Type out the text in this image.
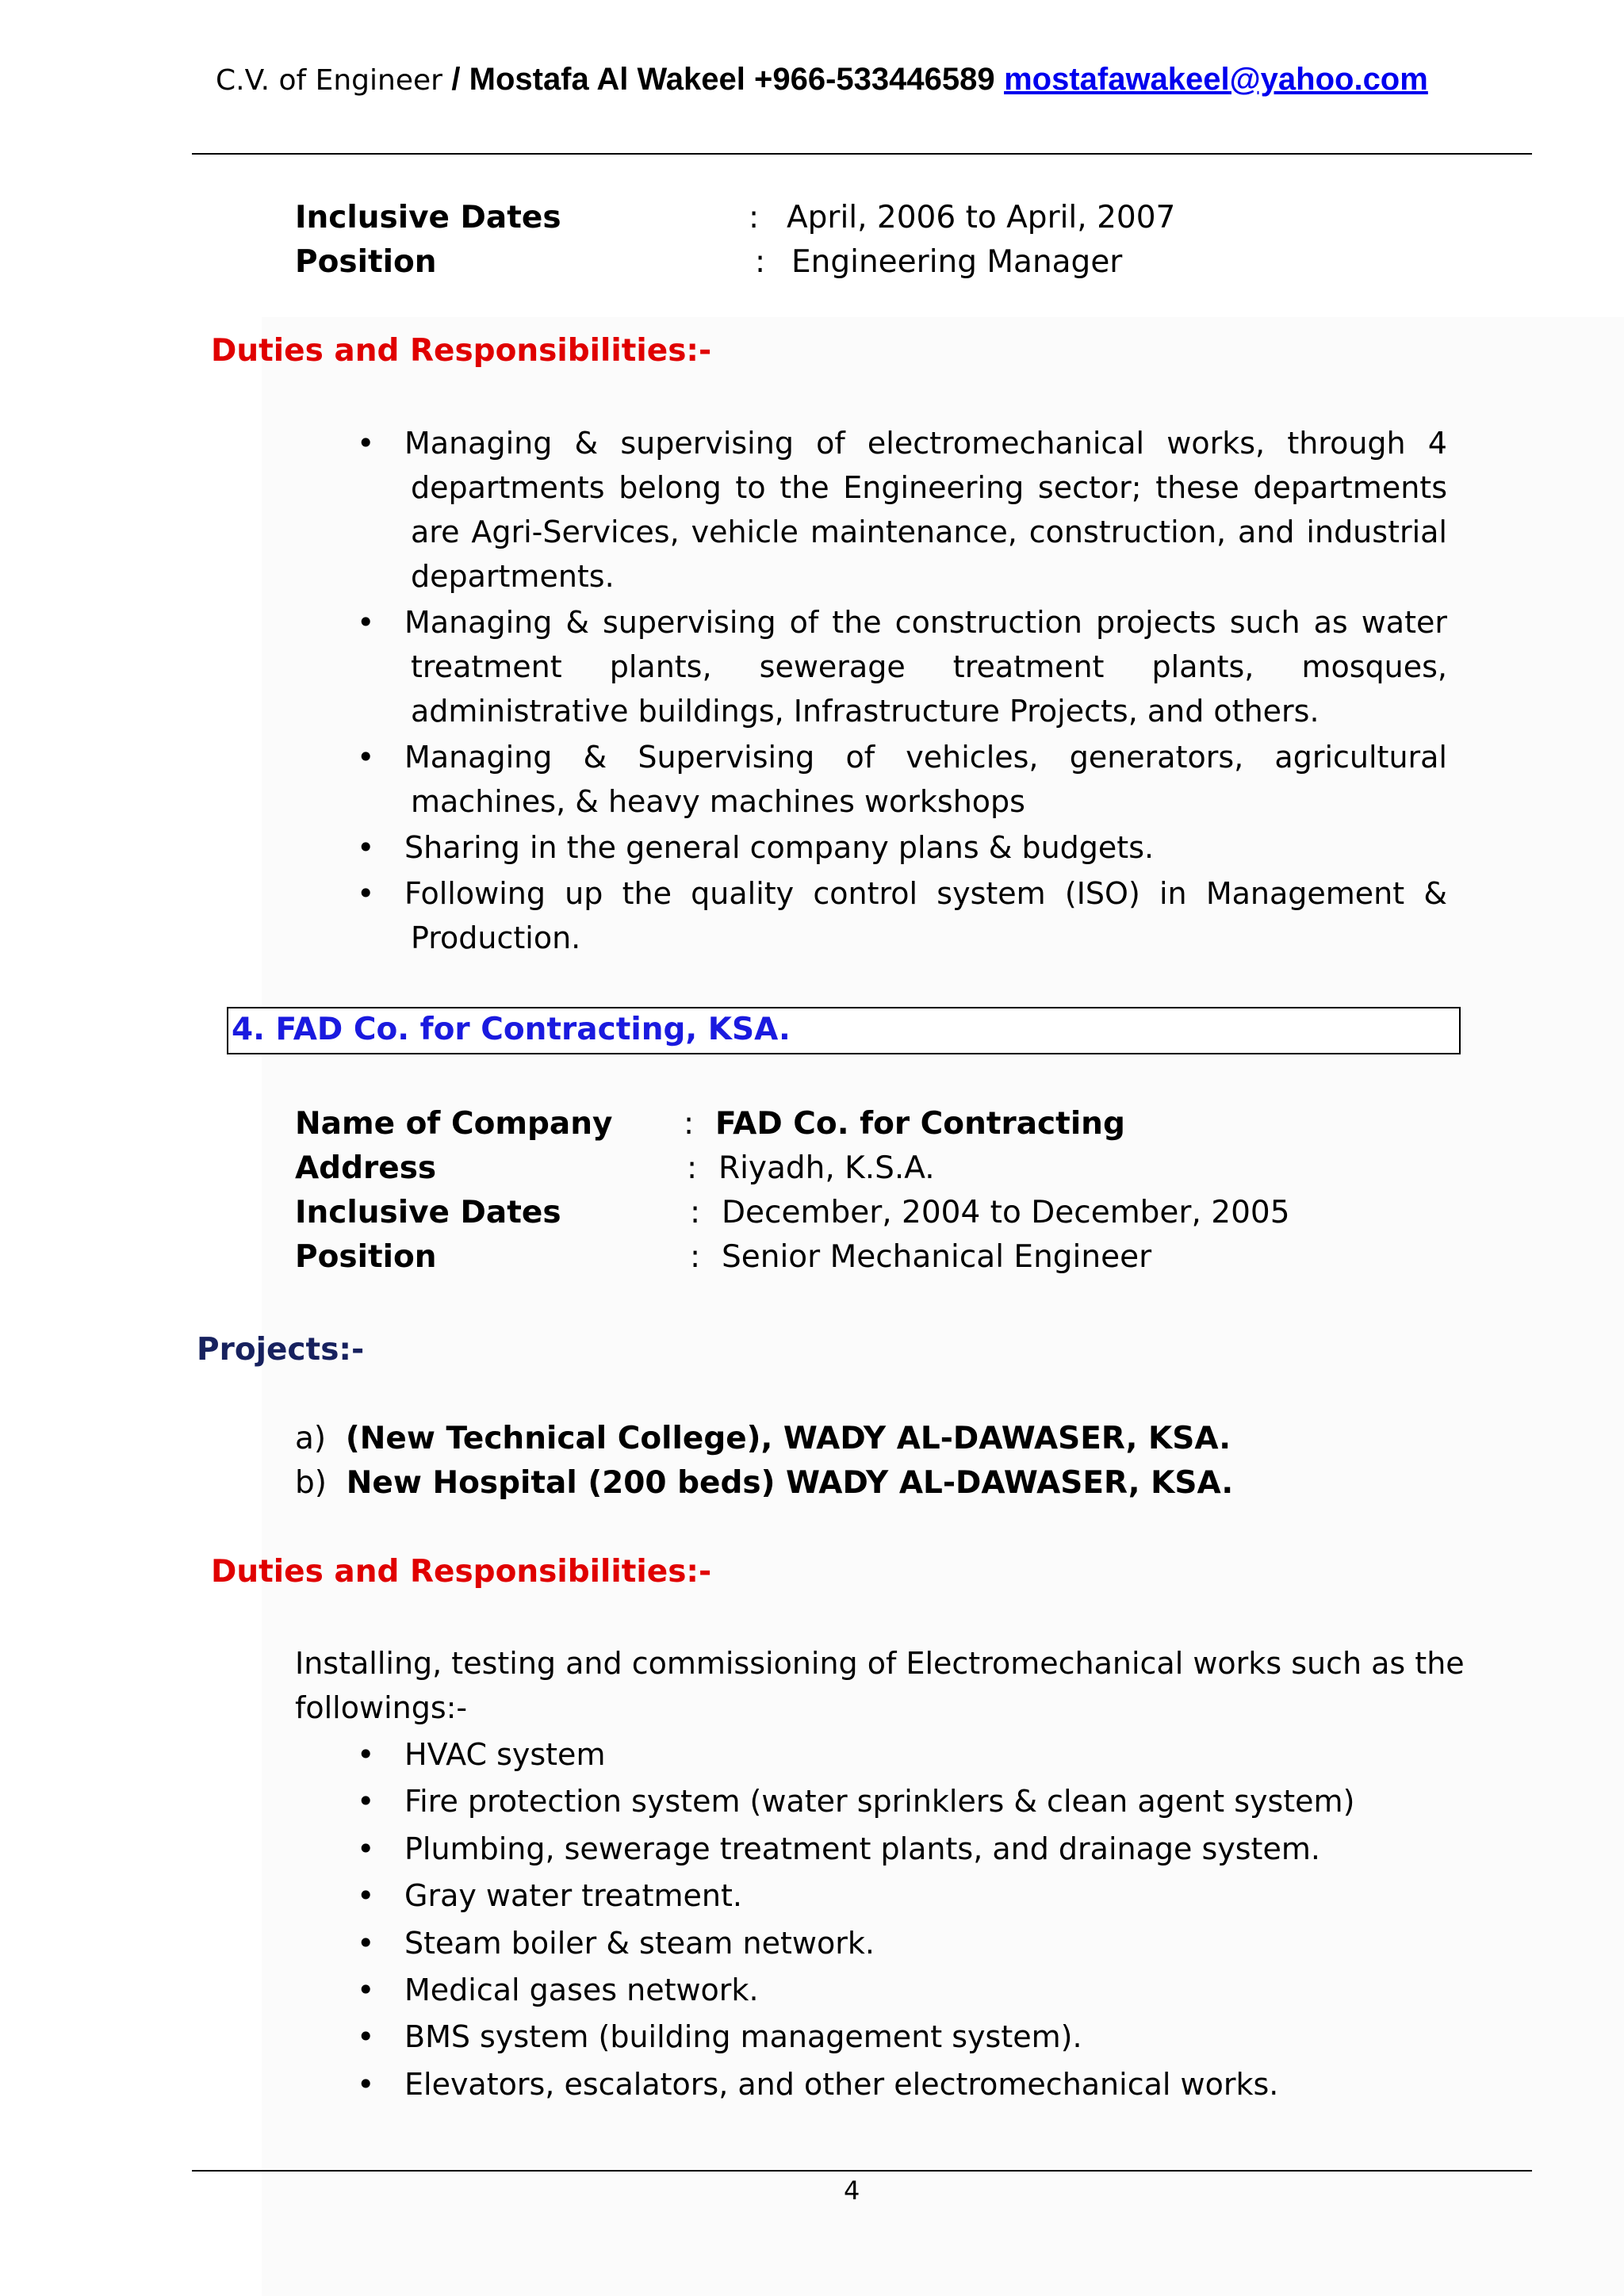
C.V. of Engineer / Mostafa Al Wakeel +966-533446589 mostafawakeel@yahoo.com
Inclusive Dates	: April, 2006 to April, 2007
Position	: Engineering Manager
Duties and Responsibilities:-
• Managing & supervising of electromechanical works, through 4 departments belong to the Engineering sector; these departments are Agri-Services, vehicle maintenance, construction, and industrial departments.
• Managing & supervising of the construction projects such as water treatment plants, sewerage treatment plants, mosques, administrative buildings, Infrastructure Projects, and others.
• Managing & Supervising of vehicles, generators, agricultural machines, & heavy machines workshops
• Sharing in the general company plans & budgets.
• Following up the quality control system (ISO) in Management & Production.
4. FAD Co. for Contracting, KSA.
Name of Company : FAD Co. for Contracting
Address	: Riyadh, K.S.A.
Inclusive Dates	: December, 2004 to December, 2005
Position	: Senior Mechanical Engineer
Projects:-
a) (New Technical College), WADY AL-DAWASER, KSA.
b) New Hospital (200 beds) WADY AL-DAWASER, KSA.
Duties and Responsibilities:-
Installing, testing and commissioning of Electromechanical works such as the followings:-
• HVAC system
• Fire protection system (water sprinklers & clean agent system)
• Plumbing, sewerage treatment plants, and drainage system.
• Gray water treatment.
• Steam boiler & steam network.
• Medical gases network.
• BMS system (building management system).
• Elevators, escalators, and other electromechanical works.
4
